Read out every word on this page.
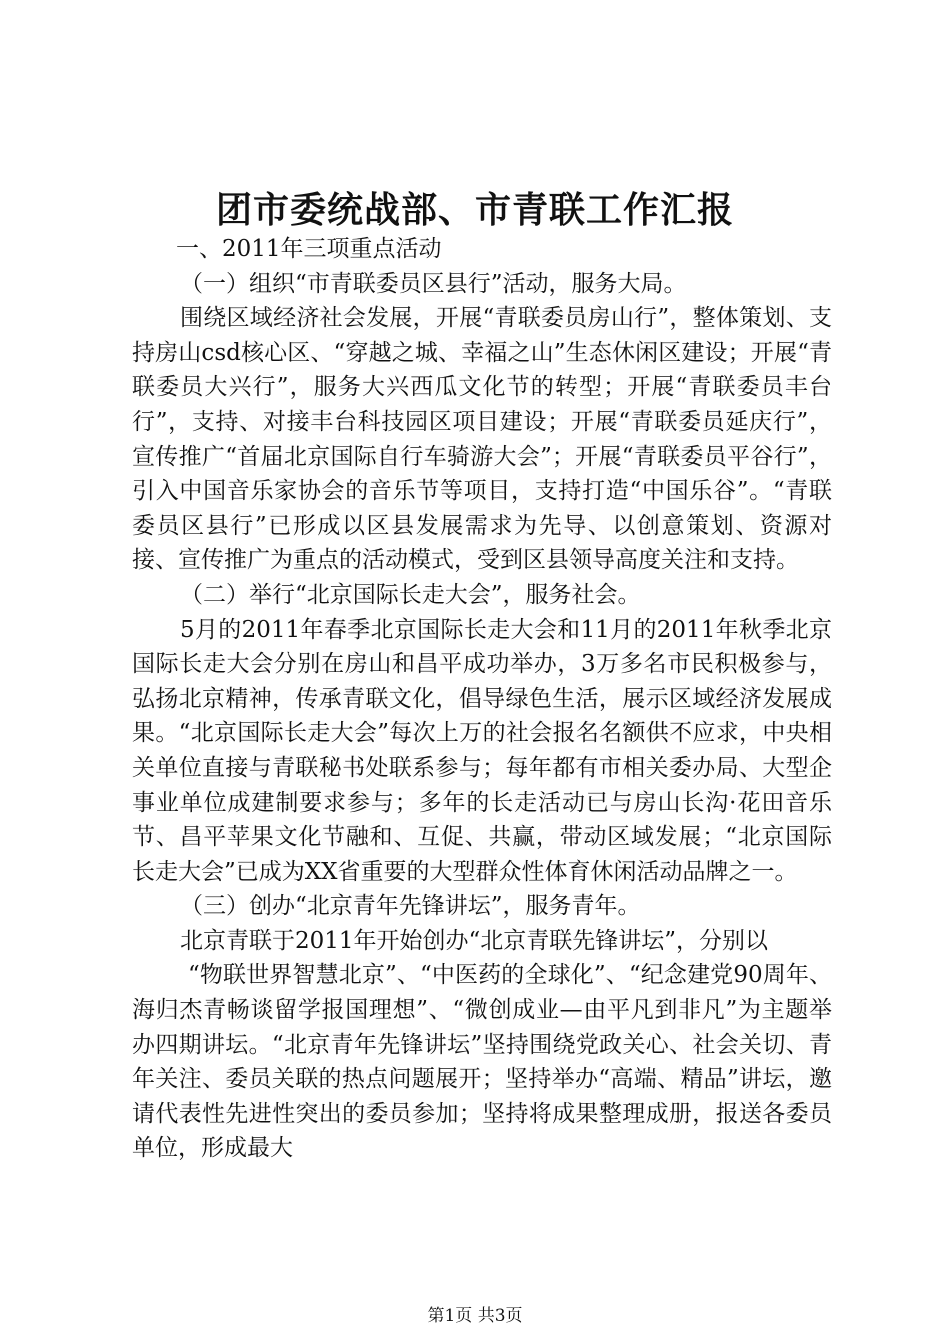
团市委统战部、市青联工作汇报

一、2011年三项重点活动

（一）组织“市青联委员区县行”活动，服务大局。

围绕区域经济社会发展，开展“青联委员房山行”，整体策划、支持房山csd核心区、“穿越之城、幸福之山”生态休闲区建设；开展“青联委员大兴行”，服务大兴西瓜文化节的转型；开展“青联委员丰台行”，支持、对接丰台科技园区项目建设；开展“青联委员延庆行”，宣传推广“首届北京国际自行车骑游大会”；开展“青联委员平谷行”，引入中国音乐家协会的音乐节等项目，支持打造“中国乐谷”。“青联委员区县行”已形成以区县发展需求为先导、以创意策划、资源对接、宣传推广为重点的活动模式，受到区县领导高度关注和支持。

（二）举行“北京国际长走大会”，服务社会。

5月的2011年春季北京国际长走大会和11月的2011年秋季北京国际长走大会分别在房山和昌平成功举办，3万多名市民积极参与，弘扬北京精神，传承青联文化，倡导绿色生活，展示区域经济发展成果。“北京国际长走大会”每次上万的社会报名名额供不应求，中央相关单位直接与青联秘书处联系参与；每年都有市相关委办局、大型企事业单位成建制要求参与；多年的长走活动已与房山长沟·花田音乐节、昌平苹果文化节融和、互促、共赢，带动区域发展；“北京国际长走大会”已成为XX省重要的大型群众性体育休闲活动品牌之一。

（三）创办“北京青年先锋讲坛”，服务青年。

北京青联于2011年开始创办“北京青联先锋讲坛”，分别以

“物联世界智慧北京”、“中医药的全球化”、“纪念建党90周年、海归杰青畅谈留学报国理想”、“微创成业—由平凡到非凡”为主题举办四期讲坛。“北京青年先锋讲坛”坚持围绕党政关心、社会关切、青年关注、委员关联的热点问题展开；坚持举办“高端、精品”讲坛，邀请代表性先进性突出的委员参加；坚持将成果整理成册，报送各委员单位，形成最大

第1页 共3页
